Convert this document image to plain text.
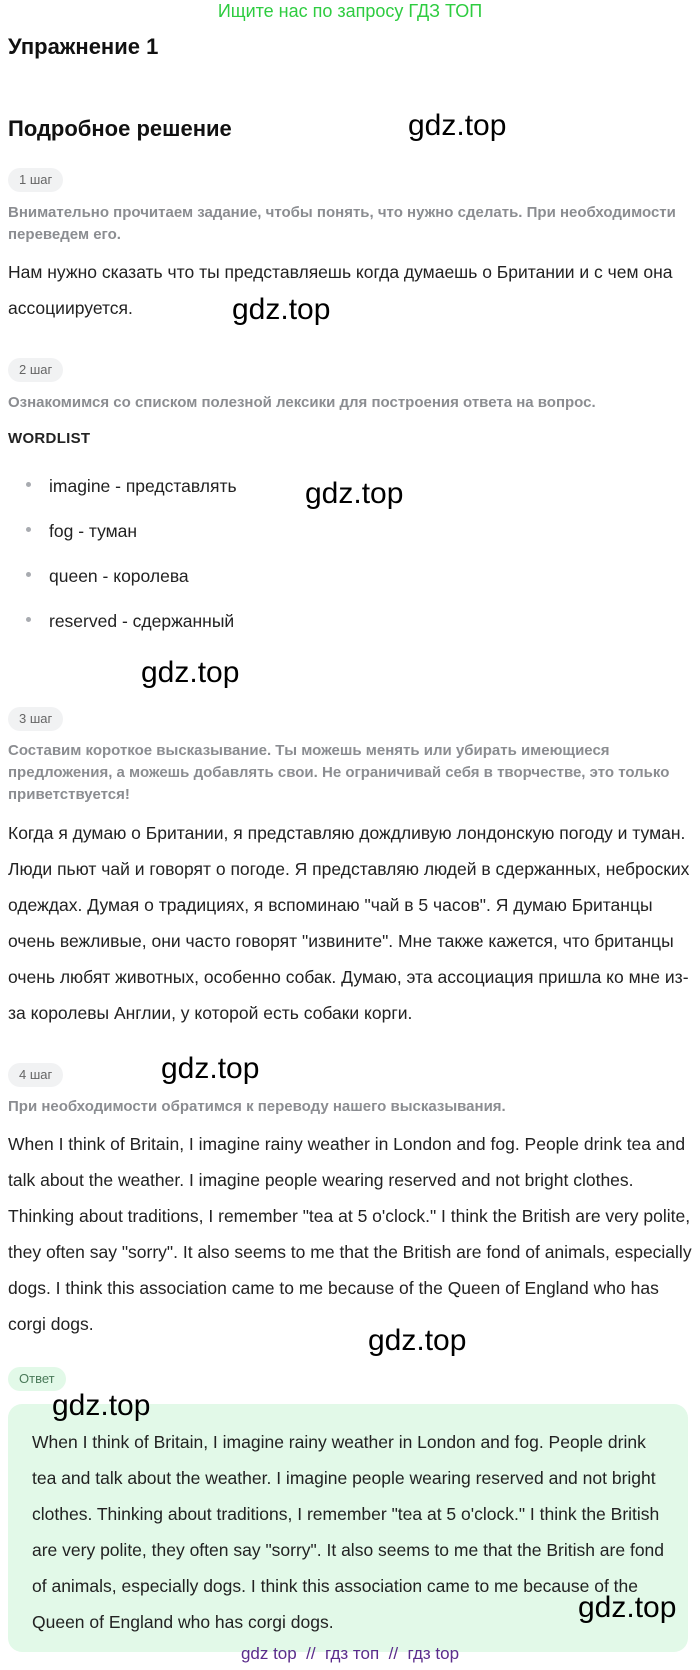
Ищите нас по запросу ГДЗ ТОП
Упражнение 1
Подробное решение
1 шаг
Внимательно прочитаем задание, чтобы понять, что нужно сделать. При необходимости переведем его.
Нам нужно сказать что ты представляешь когда думаешь о Британии и с чем она ассоциируется.
2 шаг
Ознакомимся со списком полезной лексики для построения ответа на вопрос.
WORDLIST
imagine - представлять
fog - туман
queen - королева
reserved - сдержанный
3 шаг
Составим короткое высказывание. Ты можешь менять или убирать имеющиеся предложения, а можешь добавлять свои. Не ограничивай себя в творчестве, это только приветствуется!
Когда я думаю о Британии, я представляю дождливую лондонскую погоду и туман. Люди пьют чай и говорят о погоде. Я представляю людей в сдержанных, неброских одеждах. Думая о традициях, я вспоминаю "чай в 5 часов". Я думаю Британцы очень вежливые, они часто говорят "извините". Мне также кажется, что британцы очень любят животных, особенно собак. Думаю, эта ассоциация пришла ко мне из-за королевы Англии, у которой есть собаки корги.
4 шаг
При необходимости обратимся к переводу нашего высказывания.
When I think of Britain, I imagine rainy weather in London and fog. People drink tea and talk about the weather. I imagine people wearing reserved and not bright clothes. Thinking about traditions, I remember "tea at 5 o'clock." I think the British are very polite, they often say "sorry". It also seems to me that the British are fond of animals, especially dogs. I think this association came to me because of the Queen of England who has corgi dogs.
Ответ
When I think of Britain, I imagine rainy weather in London and fog. People drink tea and talk about the weather. I imagine people wearing reserved and not bright clothes. Thinking about traditions, I remember "tea at 5 o'clock." I think the British are very polite, they often say "sorry". It also seems to me that the British are fond of animals, especially dogs. I think this association came to me because of the Queen of England who has corgi dogs.
gdz.top
gdz.top
gdz.top
gdz.top
gdz.top
gdz.top
gdz.top
gdz.top
gdz top  //  гдз топ  //  гдз top
